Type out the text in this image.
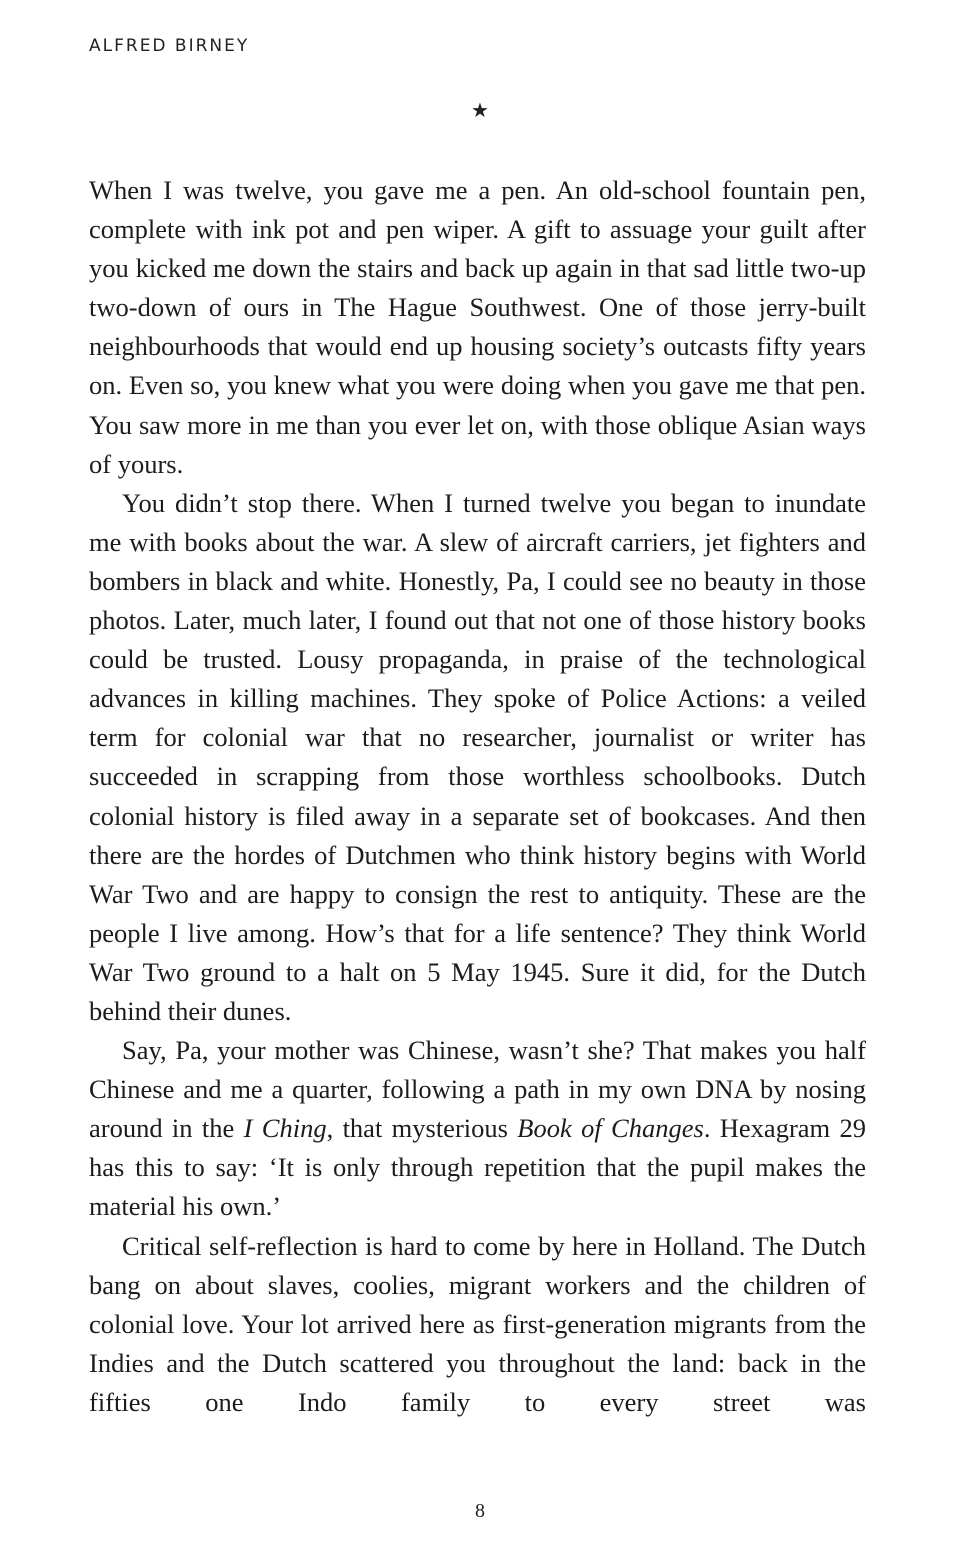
ALFRED BIRNEY
★

When I was twelve, you gave me a pen. An old-school fountain pen, complete with ink pot and pen wiper. A gift to assuage your guilt after you kicked me down the stairs and back up again in that sad little two-up two-down of ours in The Hague Southwest. One of those jerry-built neighbourhoods that would end up housing society’s outcasts fifty years on. Even so, you knew what you were doing when you gave me that pen. You saw more in me than you ever let on, with those oblique Asian ways of yours.

You didn’t stop there. When I turned twelve you began to inundate me with books about the war. A slew of aircraft carriers, jet fighters and bombers in black and white. Honestly, Pa, I could see no beauty in those photos. Later, much later, I found out that not one of those history books could be trusted. Lousy propaganda, in praise of the technological advances in killing machines. They spoke of Police Actions: a veiled term for colonial war that no researcher, journalist or writer has succeeded in scrapping from those worthless schoolbooks. Dutch colonial history is filed away in a separate set of bookcases. And then there are the hordes of Dutchmen who think history begins with World War Two and are happy to consign the rest to antiquity. These are the people I live among. How’s that for a life sentence? They think World War Two ground to a halt on 5 May 1945. Sure it did, for the Dutch behind their dunes.

Say, Pa, your mother was Chinese, wasn’t she? That makes you half Chinese and me a quarter, following a path in my own DNA by nosing around in the I Ching, that mysterious Book of Changes. Hexagram 29 has this to say: ‘It is only through repetition that the pupil makes the material his own.’

Critical self-reflection is hard to come by here in Holland. The Dutch bang on about slaves, coolies, migrant workers and the children of colonial love. Your lot arrived here as first-generation migrants from the Indies and the Dutch scattered you throughout the land: back in the fifties one Indo family to every street was

8
